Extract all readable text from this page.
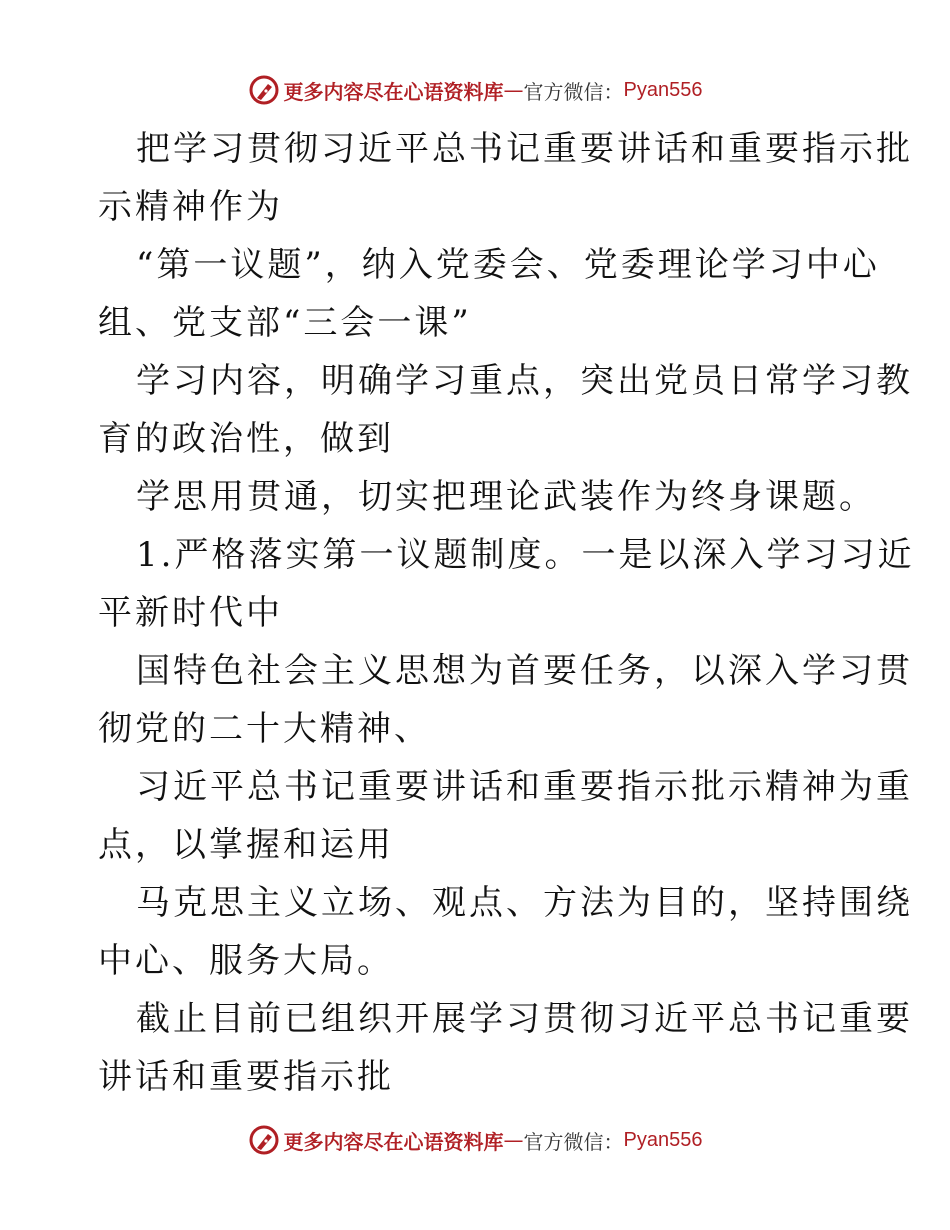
更多内容尽在心语资料库 — 官方微信： Pyan556
把学习贯彻习近平总书记重要讲话和重要指示批
示精神作为
“第一议题”，纳入党委会、党委理论学习中心
组、党支部“三会一课”
学习内容，明确学习重点，突出党员日常学习教
育的政治性，做到
学思用贯通，切实把理论武装作为终身课题。
1.严格落实第一议题制度。一是以深入学习习近
平新时代中
国特色社会主义思想为首要任务，以深入学习贯
彻党的二十大精神、
习近平总书记重要讲话和重要指示批示精神为重
点，以掌握和运用
马克思主义立场、观点、方法为目的，坚持围绕
中心、服务大局。
截止目前已组织开展学习贯彻习近平总书记重要
讲话和重要指示批
更多内容尽在心语资料库 — 官方微信： Pyan556
